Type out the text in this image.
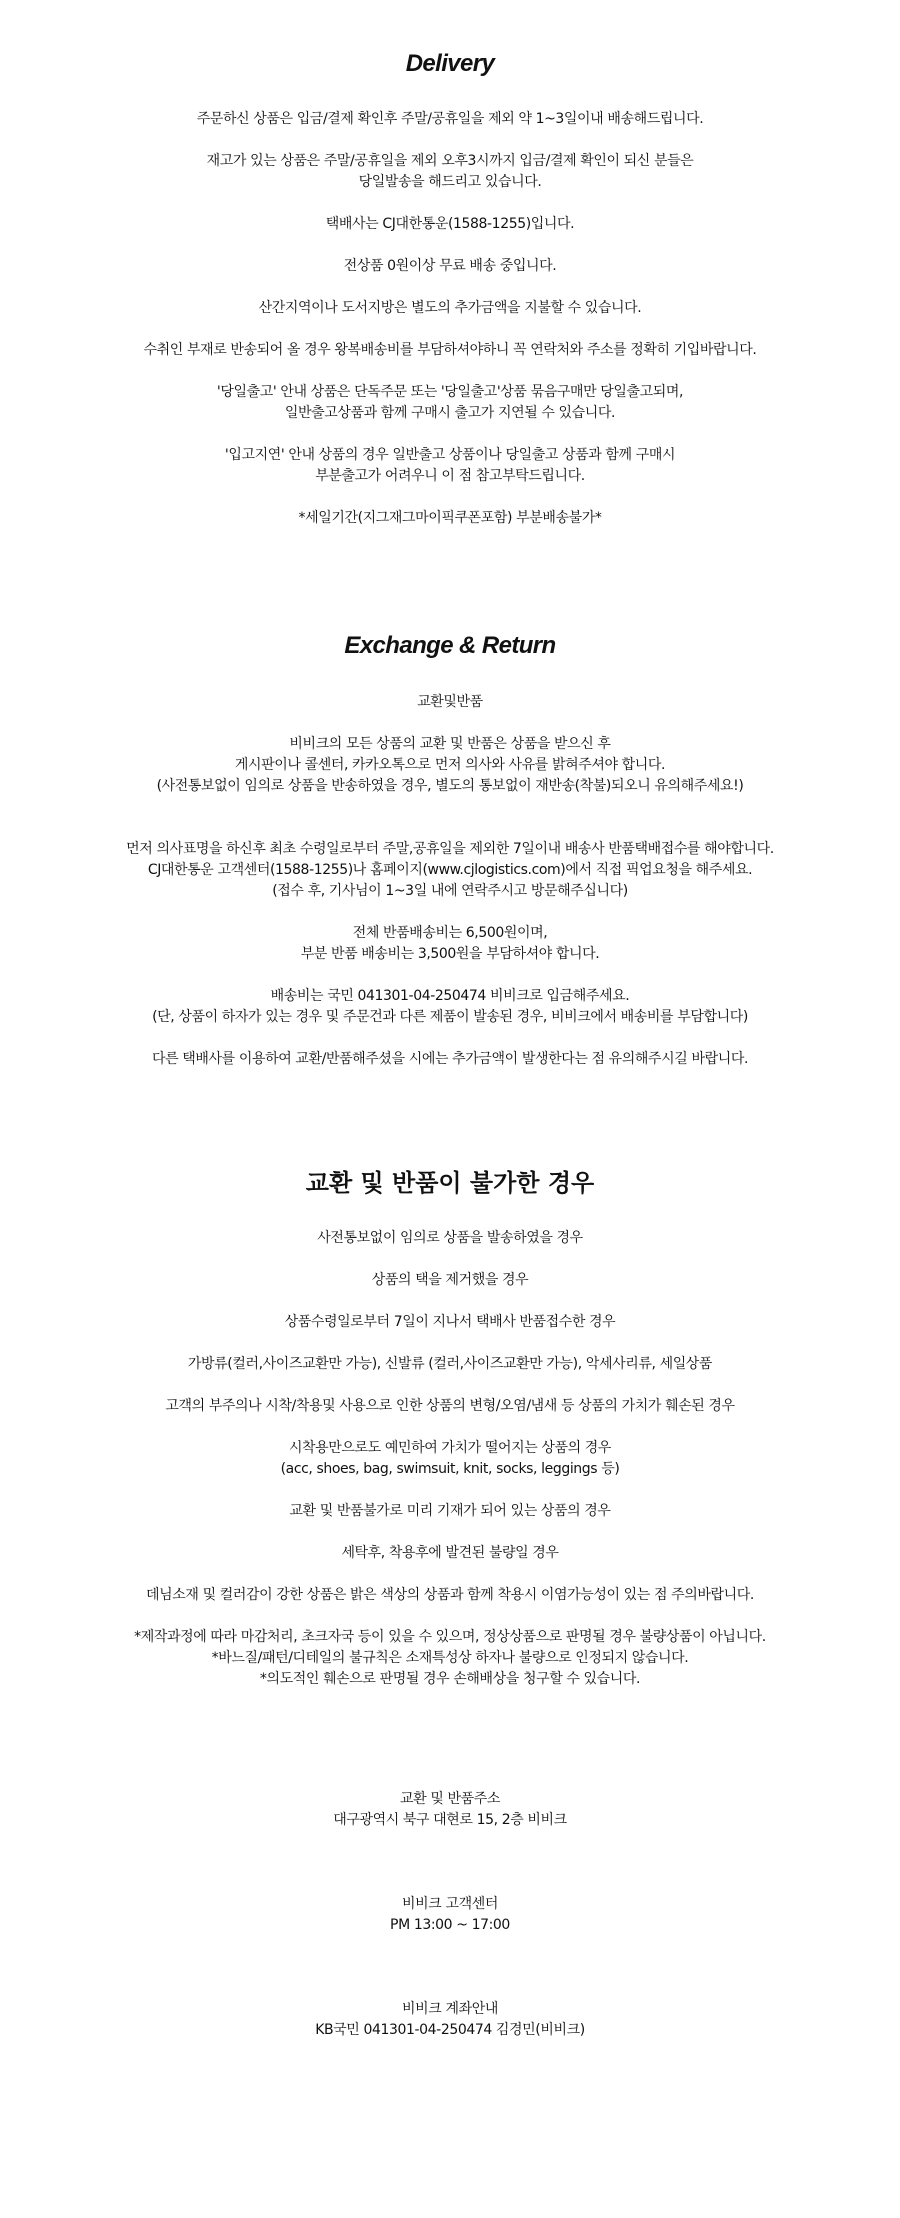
Delivery

주문하신 상품은 입금/결제 확인후 주말/공휴일을 제외 약 1~3일이내 배송해드립니다.

재고가 있는 상품은 주말/공휴일을 제외 오후3시까지 입금/결제 확인이 되신 분들은

당일발송을 해드리고 있습니다.

택배사는 CJ대한통운(1588-1255)입니다.

전상품 0원이상 무료 배송 중입니다.

산간지역이나 도서지방은 별도의 추가금액을 지불할 수 있습니다.

수취인 부재로 반송되어 올 경우 왕복배송비를 부담하셔야하니 꼭 연락처와 주소를 정확히 기입바랍니다.

'당일출고' 안내 상품은 단독주문 또는 '당일출고'상품 묶음구매만 당일출고되며,

일반출고상품과 함께 구매시 출고가 지연될 수 있습니다.

'입고지연' 안내 상품의 경우 일반출고 상품이나 당일출고 상품과 함께 구매시

부분출고가 어려우니 이 점 참고부탁드립니다.

*세일기간(지그재그마이픽쿠폰포함) 부분배송불가*

Exchange & Return

교환및반품

비비크의 모든 상품의 교환 및 반품은 상품을 받으신 후

게시판이나 콜센터, 카카오톡으로 먼저 의사와 사유를 밝혀주셔야 합니다.

(사전통보없이 임의로 상품을 반송하였을 경우, 별도의 통보없이 재반송(착불)되오니 유의해주세요!)

먼저 의사표명을 하신후 최초 수령일로부터 주말,공휴일을 제외한 7일이내 배송사 반품택배접수를 해야합니다.

CJ대한통운 고객센터(1588-1255)나 홈페이지(www.cjlogistics.com)에서 직접 픽업요청을 해주세요.

(접수 후, 기사님이 1~3일 내에 연락주시고 방문해주십니다)

전체 반품배송비는 6,500원이며,

부분 반품 배송비는 3,500원을 부담하셔야 합니다.

배송비는 국민 041301-04-250474 비비크로 입금해주세요.

(단, 상품이 하자가 있는 경우 및 주문건과 다른 제품이 발송된 경우, 비비크에서 배송비를 부담합니다)

다른 택배사를 이용하여 교환/반품해주셨을 시에는 추가금액이 발생한다는 점 유의해주시길 바랍니다.

교환 및 반품이 불가한 경우

사전통보없이 임의로 상품을 발송하였을 경우

상품의 택을 제거했을 경우

상품수령일로부터 7일이 지나서 택배사 반품접수한 경우

가방류(컬러,사이즈교환만 가능), 신발류 (컬러,사이즈교환만 가능), 악세사리류, 세일상품

고객의 부주의나 시착/착용및 사용으로 인한 상품의 변형/오염/냄새 등 상품의 가치가 훼손된 경우

시착용만으로도 예민하여 가치가 떨어지는 상품의 경우

(acc, shoes, bag, swimsuit, knit, socks, leggings 등)

교환 및 반품불가로 미리 기재가 되어 있는 상품의 경우

세탁후, 착용후에 발견된 불량일 경우

데님소재 및 컬러감이 강한 상품은 밝은 색상의 상품과 함께 착용시 이염가능성이 있는 점 주의바랍니다.

*제작과정에 따라 마감처리, 초크자국 등이 있을 수 있으며, 정상상품으로 판명될 경우 불량상품이 아닙니다.

*바느질/패턴/디테일의 불규칙은 소재특성상 하자나 불량으로 인정되지 않습니다.

*의도적인 훼손으로 판명될 경우 손해배상을 청구할 수 있습니다.

교환 및 반품주소

대구광역시 북구 대현로 15, 2층 비비크

비비크 고객센터

PM 13:00 ~ 17:00

비비크 계좌안내

KB국민 041301-04-250474 김경민(비비크)
